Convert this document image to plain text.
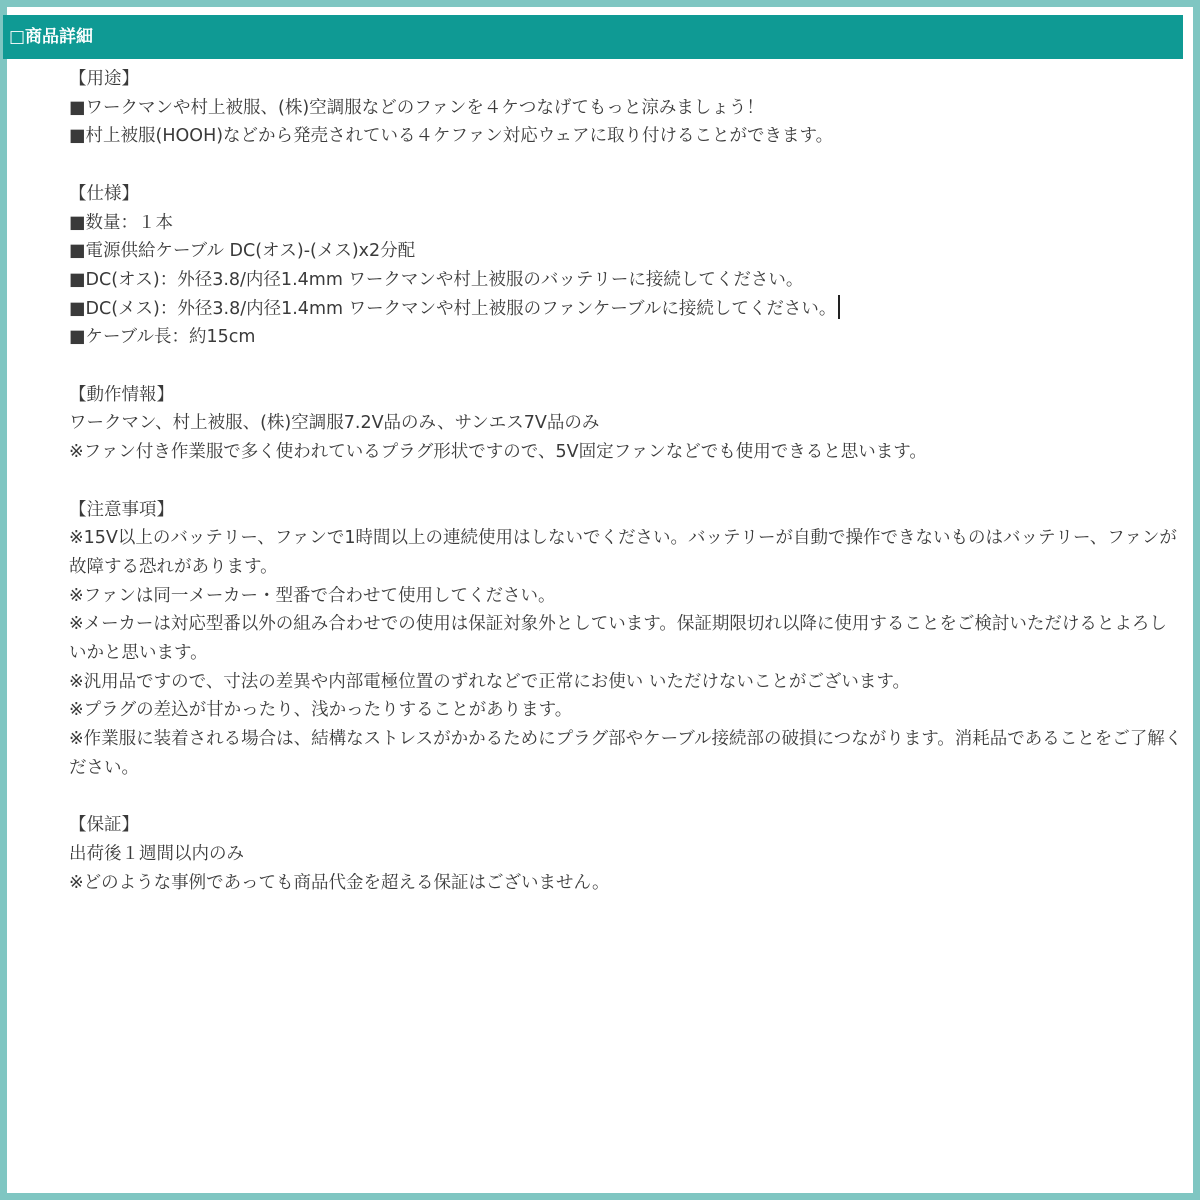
□商品詳細
【用途】
■ワークマンや村上被服、(株)空調服などのファンを４ケつなげてもっと涼みましょう！
■村上被服(HOOH)などから発売されている４ケファン対応ウェアに取り付けることができます。
【仕様】
■数量：１本
■電源供給ケーブル DC(オス)-(メス)x2分配
■DC(オス)：外径3.8/内径1.4mm ワークマンや村上被服のバッテリーに接続してください。
■DC(メス)：外径3.8/内径1.4mm ワークマンや村上被服のファンケーブルに接続してください。
■ケーブル長：約15cm
【動作情報】
ワークマン、村上被服、(株)空調服7.2V品のみ、サンエス7V品のみ
※ファン付き作業服で多く使われているプラグ形状ですので、5V固定ファンなどでも使用できると思います。
【注意事項】
※15V以上のバッテリー、ファンで1時間以上の連続使用はしないでください。バッテリーが自動で操作できないものはバッテリー、ファンが故障する恐れがあります。
※ファンは同一メーカー・型番で合わせて使用してください。
※メーカーは対応型番以外の組み合わせでの使用は保証対象外としています。保証期限切れ以降に使用することをご検討いただけるとよろしいかと思います。
※汎用品ですので、寸法の差異や内部電極位置のずれなどで正常にお使い いただけないことがございます。
※プラグの差込が甘かったり、浅かったりすることがあります。
※作業服に装着される場合は、結構なストレスがかかるためにプラグ部やケーブル接続部の破損につながります。消耗品であることをご了解ください。
【保証】
出荷後１週間以内のみ
※どのような事例であっても商品代金を超える保証はございません。
